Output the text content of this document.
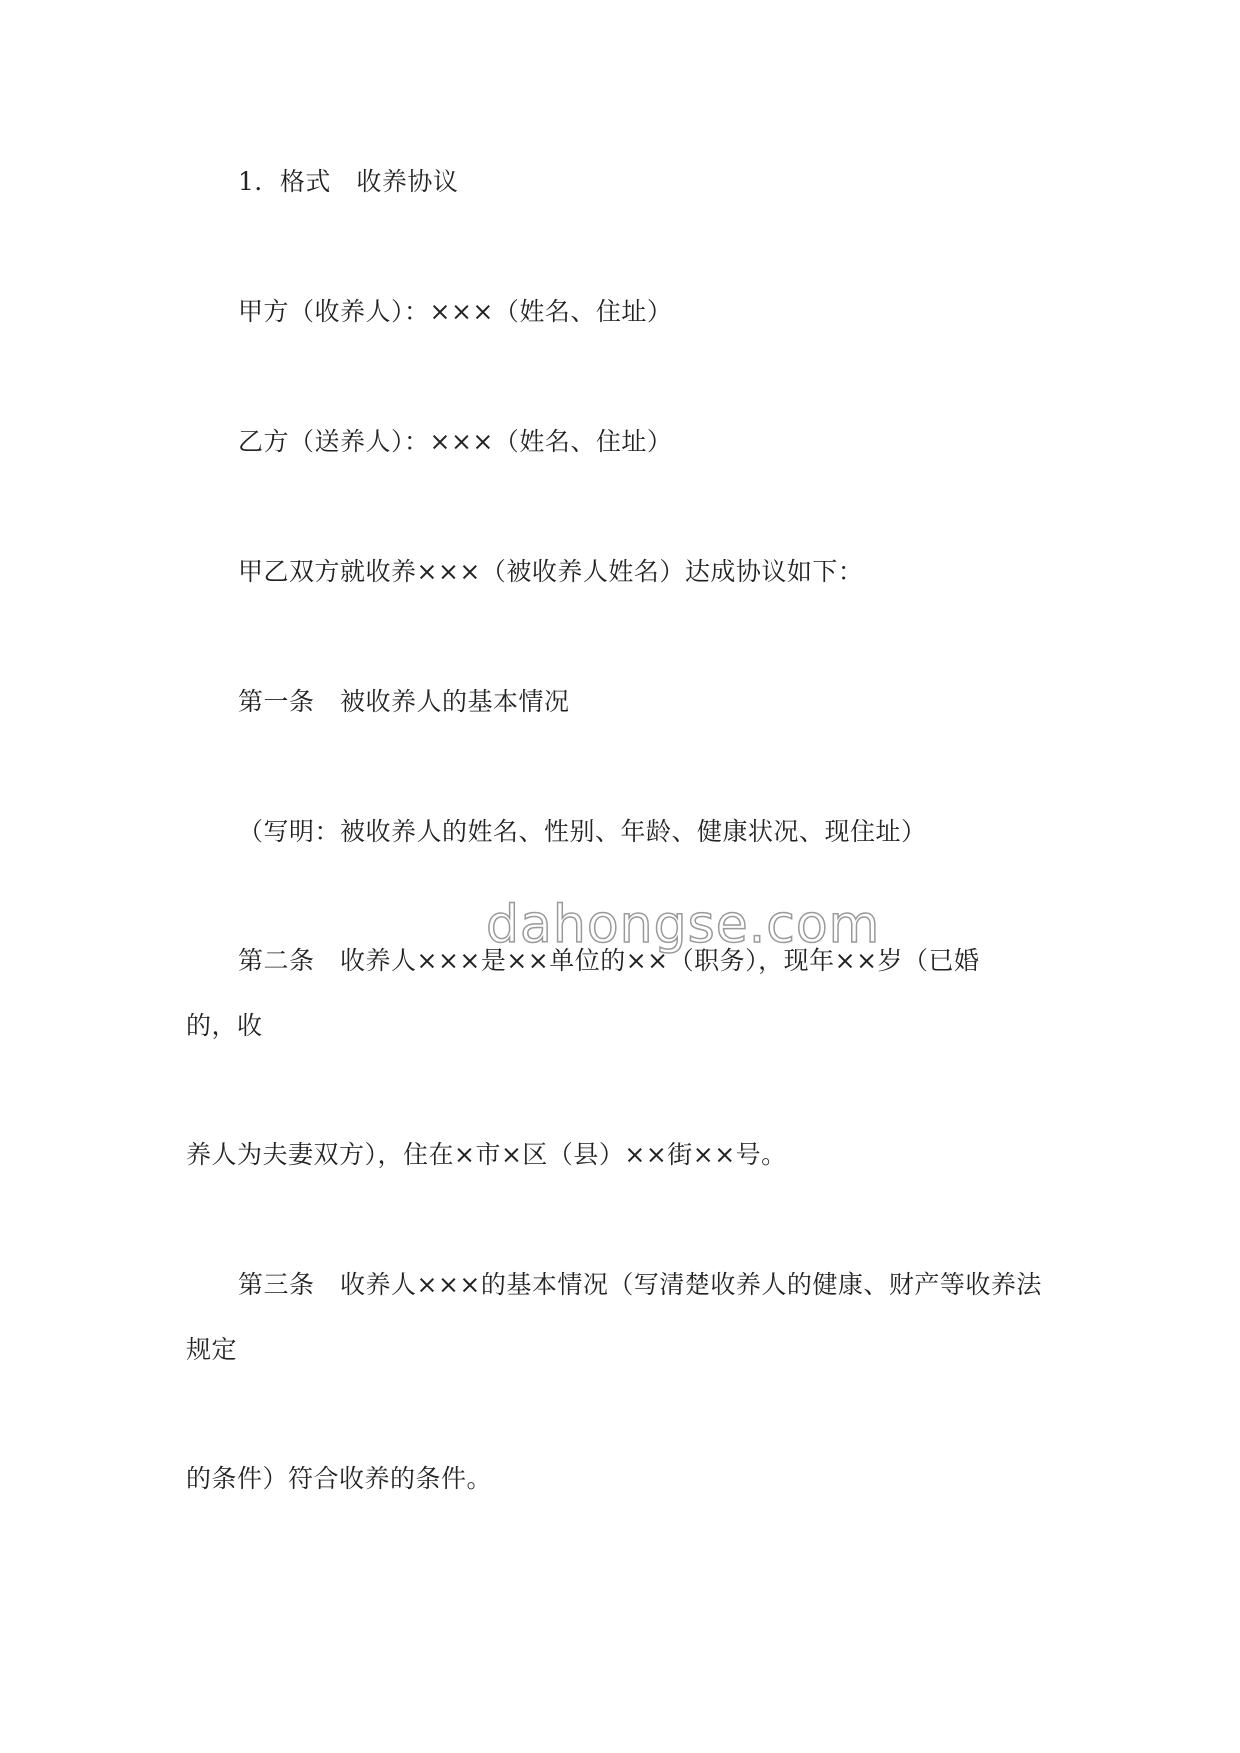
1．格式　收养协议
甲方（收养人）：×××（姓名、住址）
乙方（送养人）：×××（姓名、住址）
甲乙双方就收养×××（被收养人姓名）达成协议如下：
第一条　被收养人的基本情况
（写明：被收养人的姓名、性别、年龄、健康状况、现住址）
第二条　收养人×××是××单位的××（职务），现年××岁（已婚
的，收
养人为夫妻双方），住在×市×区（县）××街××号。
第三条　收养人×××的基本情况（写清楚收养人的健康、财产等收养法
规定
的条件）符合收养的条件。
dahongse.com
